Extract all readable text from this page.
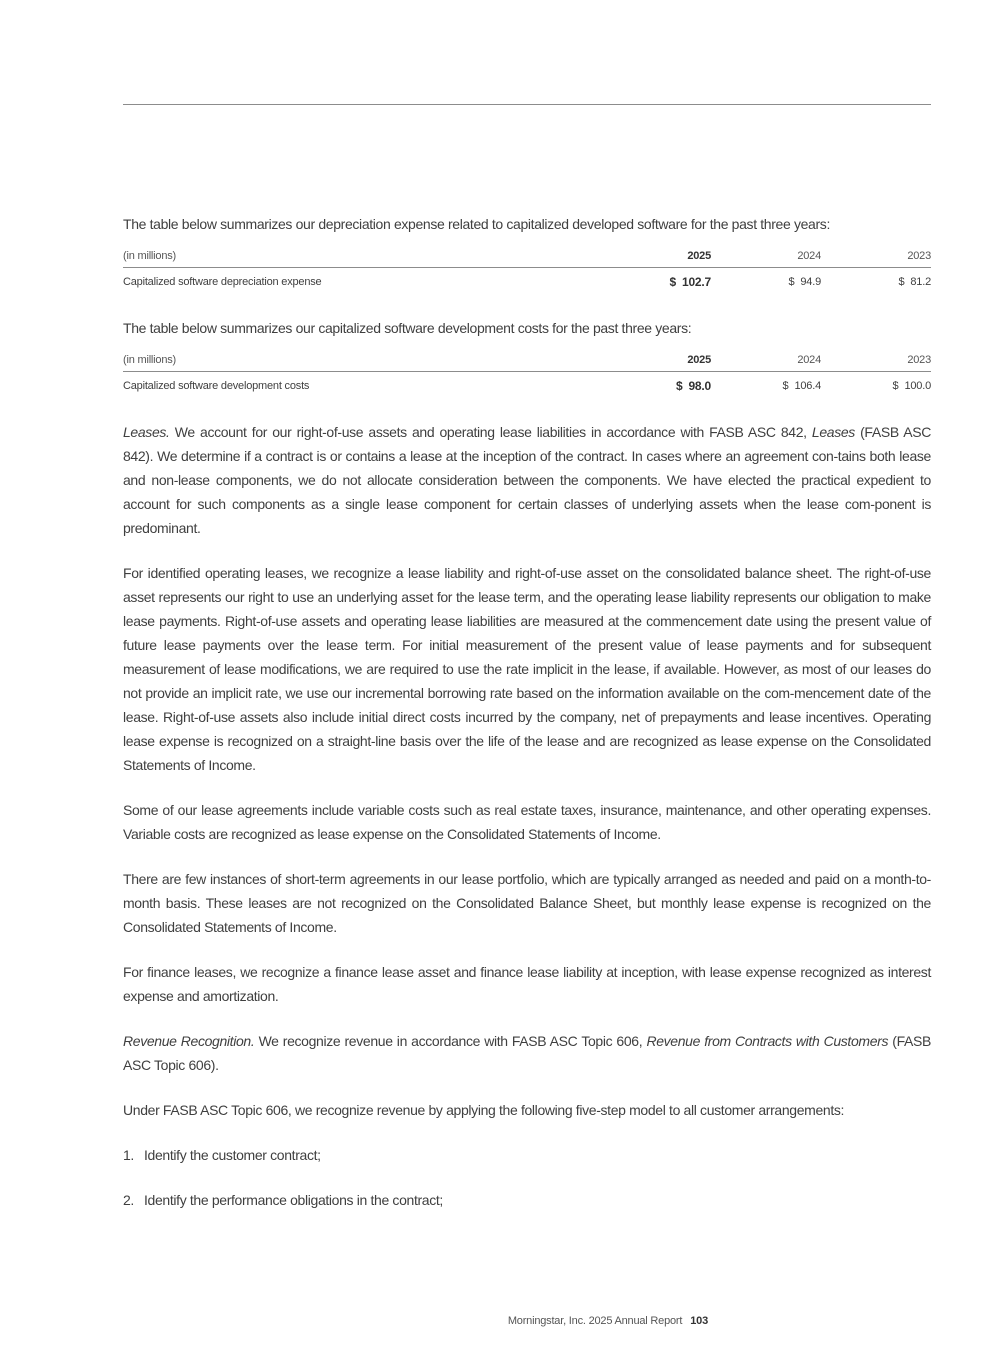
The table below summarizes our depreciation expense related to capitalized developed software for the past three years:

(in millions)	2025	2024	2023
Capitalized software depreciation expense	$ 102.7	$ 94.9	$ 81.2

The table below summarizes our capitalized software development costs for the past three years:

(in millions)	2025	2024	2023
Capitalized software development costs	$ 98.0	$ 106.4	$ 100.0

Leases. We account for our right-of-use assets and operating lease liabilities in accordance with FASB ASC 842, Leases (FASB ASC 842). We determine if a contract is or contains a lease at the inception of the contract. In cases where an agreement con-tains both lease and non-lease components, we do not allocate consideration between the components. We have elected the practical expedient to account for such components as a single lease component for certain classes of underlying assets when the lease com-ponent is predominant.

For identified operating leases, we recognize a lease liability and right-of-use asset on the consolidated balance sheet. The right-of-use asset represents our right to use an underlying asset for the lease term, and the operating lease liability represents our obligation to make lease payments. Right-of-use assets and operating lease liabilities are measured at the commencement date using the present value of future lease payments over the lease term. For initial measurement of the present value of lease payments and for subsequent measurement of lease modifications, we are required to use the rate implicit in the lease, if available. However, as most of our leases do not provide an implicit rate, we use our incremental borrowing rate based on the information available on the com-mencement date of the lease. Right-of-use assets also include initial direct costs incurred by the company, net of prepayments and lease incentives. Operating lease expense is recognized on a straight-line basis over the life of the lease and are recognized as lease expense on the Consolidated Statements of Income.

Some of our lease agreements include variable costs such as real estate taxes, insurance, maintenance, and other operating expenses. Variable costs are recognized as lease expense on the Consolidated Statements of Income.

There are few instances of short-term agreements in our lease portfolio, which are typically arranged as needed and paid on a month-to-month basis. These leases are not recognized on the Consolidated Balance Sheet, but monthly lease expense is recognized on the Consolidated Statements of Income.

For finance leases, we recognize a finance lease asset and finance lease liability at inception, with lease expense recognized as interest expense and amortization.

Revenue Recognition. We recognize revenue in accordance with FASB ASC Topic 606, Revenue from Contracts with Customers (FASB ASC Topic 606).

Under FASB ASC Topic 606, we recognize revenue by applying the following five-step model to all customer arrangements:

1. Identify the customer contract;

2. Identify the performance obligations in the contract;

Morningstar, Inc. 2025 Annual Report 103
